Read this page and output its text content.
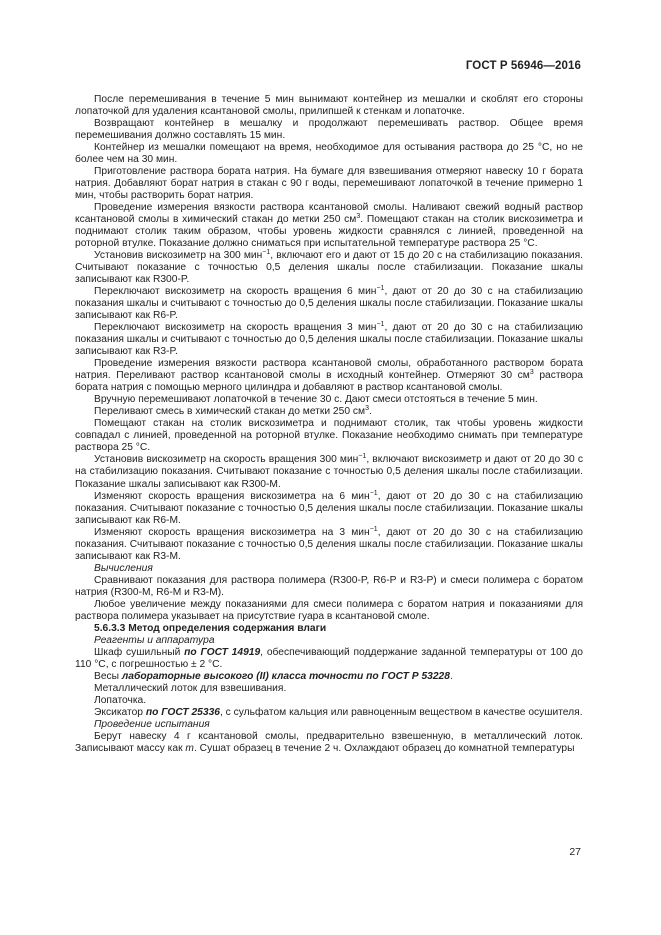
ГОСТ Р 56946—2016

После перемешивания в течение 5 мин вынимают контейнер из мешалки и скоблят его стороны лопаточкой для удаления ксантановой смолы, прилипшей к стенкам и лопаточке.

Возвращают контейнер в мешалку и продолжают перемешивать раствор. Общее время перемешивания должно составлять 15 мин.

Контейнер из мешалки помещают на время, необходимое для остывания раствора до 25 °С, но не более чем на 30 мин.

Приготовление раствора бората натрия. На бумаге для взвешивания отмеряют навеску 10 г бората натрия. Добавляют борат натрия в стакан с 90 г воды, перемешивают лопаточкой в течение примерно 1 мин, чтобы растворить борат натрия.

Проведение измерения вязкости раствора ксантановой смолы. Наливают свежий водный раствор ксантановой смолы в химический стакан до метки 250 $см^3$. Помещают стакан на столик вискозиметра и поднимают столик таким образом, чтобы уровень жидкости сравнялся с линией, проведенной на роторной втулке. Показание должно сниматься при испытательной температуре раствора 25 °С.

Установив вискозиметр на 300 мин$^{-1}$, включают его и дают от 15 до 20 с на стабилизацию показания. Считывают показание с точностью 0,5 деления шкалы после стабилизации. Показание шкалы записывают как R300-P.

Переключают вискозиметр на скорость вращения 6 мин$^{-1}$, дают от 20 до 30 с на стабилизацию показания шкалы и считывают с точностью до 0,5 деления шкалы после стабилизации. Показание шкалы записывают как R6-P.

Переключают вискозиметр на скорость вращения 3 мин$^{-1}$, дают от 20 до 30 с на стабилизацию показания шкалы и считывают с точностью до 0,5 деления шкалы после стабилизации. Показание шкалы записывают как R3-P.

Проведение измерения вязкости раствора ксантановой смолы, обработанного раствором бората натрия. Переливают раствор ксантановой смолы в исходный контейнер. Отмеряют 30 $см^3$ раствора бората натрия с помощью мерного цилиндра и добавляют в раствор ксантановой смолы.

Вручную перемешивают лопаточкой в течение 30 с. Дают смеси отстояться в течение 5 мин.

Переливают смесь в химический стакан до метки 250 $см^3$.

Помещают стакан на столик вискозиметра и поднимают столик, так чтобы уровень жидкости совпадал с линией, проведенной на роторной втулке. Показание необходимо снимать при температуре раствора 25 °С.

Установив вискозиметр на скорость вращения 300 мин$^{-1}$, включают вискозиметр и дают от 20 до 30 с на стабилизацию показания. Считывают показание с точностью 0,5 деления шкалы после стабилизации. Показание шкалы записывают как R300-M.

Изменяют скорость вращения вискозиметра на 6 мин$^{-1}$, дают от 20 до 30 с на стабилизацию показания. Считывают показание с точностью 0,5 деления шкалы после стабилизации. Показание шкалы записывают как R6-M.

Изменяют скорость вращения вискозиметра на 3 мин$^{-1}$, дают от 20 до 30 с на стабилизацию показания. Считывают показание с точностью 0,5 деления шкалы после стабилизации. Показание шкалы записывают как R3-M.

Вычисления

Сравнивают показания для раствора полимера (R300-P, R6-P и R3-P) и смеси полимера с боратом натрия (R300-M, R6-M и R3-M).

Любое увеличение между показаниями для смеси полимера с боратом натрия и показаниями для раствора полимера указывает на присутствие гуара в ксантановой смоле.

5.6.3.3 Метод определения содержания влаги

Реагенты и аппаратура

Шкаф сушильный по ГОСТ 14919, обеспечивающий поддержание заданной температуры от 100 до 110 °С, с погрешностью ± 2 °С.

Весы лабораторные высокого (II) класса точности по ГОСТ Р 53228.

Металлический лоток для взвешивания.

Лопаточка.

Эксикатор по ГОСТ 25336, с сульфатом кальция или равноценным веществом в качестве осушителя.

Проведение испытания

Берут навеску 4 г ксантановой смолы, предварительно взвешенную, в металлический лоток. Записывают массу как m. Сушат образец в течение 2 ч. Охлаждают образец до комнатной температуры

27
